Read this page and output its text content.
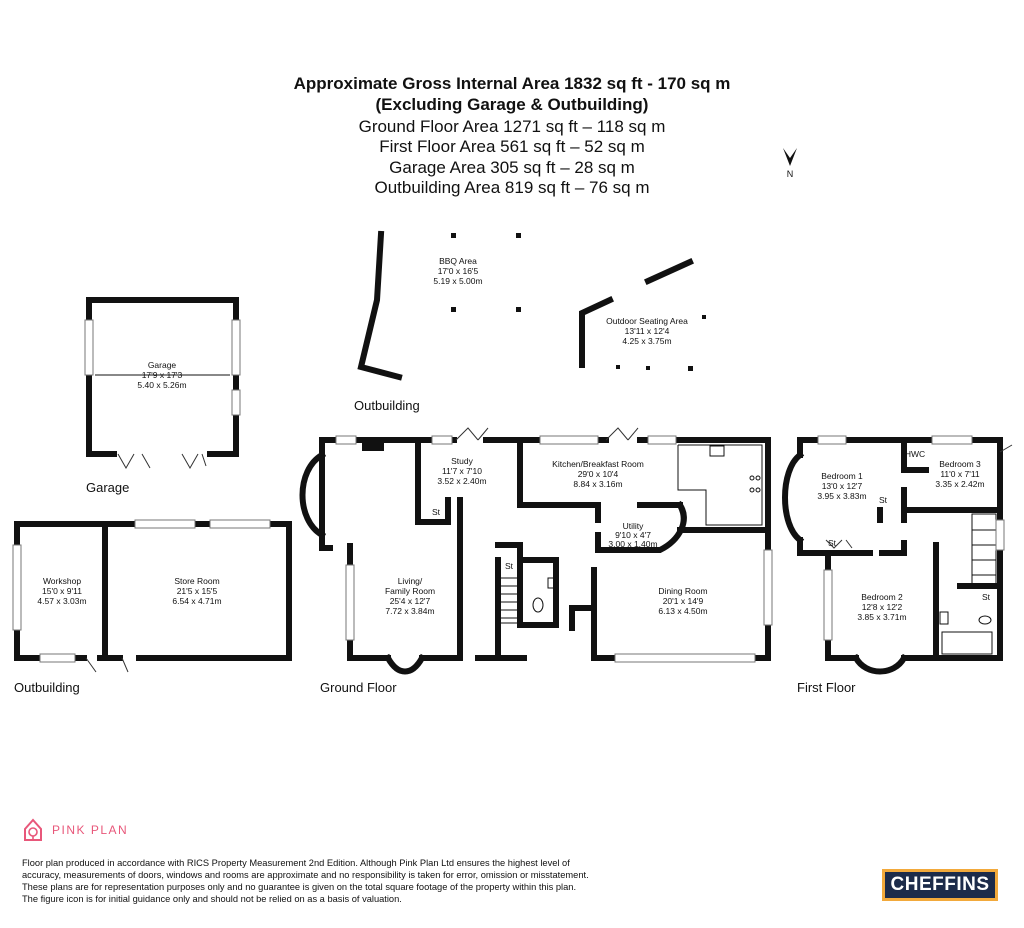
Approximate Gross Internal Area 1832 sq ft - 170 sq m
(Excluding Garage & Outbuilding)
Ground Floor Area 1271 sq ft – 118 sq m
First Floor Area 561 sq ft – 52 sq m
Garage Area 305 sq ft – 28 sq m
Outbuilding Area 819 sq ft – 76 sq m
N
BBQ Area
17'0 x 16'5
5.19 x 5.00m
Outdoor Seating Area
13'11 x 12'4
4.25 x 3.75m
Outbuilding
Garage
17'9 x 17'3
5.40 x 5.26m
Garage
Workshop
15'0 x 9'11
4.57 x 3.03m
Store Room
21'5 x 15'5
6.54 x 4.71m
Outbuilding
Study
11'7 x 7'10
3.52 x 2.40m
St
Kitchen/Breakfast Room
29'0 x 10'4
8.84 x 3.16m
Utility
9'10 x 4'7
3.00 x 1.40m
Living/
Family Room
25'4 x 12'7
7.72 x 3.84m
St
Dining Room
20'1 x 14'9
6.13 x 4.50m
Ground Floor
St
St
St
HWC
Bedroom 1
13'0 x 12'7
3.95 x 3.83m
Bedroom 3
11'0 x 7'11
3.35 x 2.42m
Bedroom 2
12'8 x 12'2
3.85 x 3.71m
First Floor
PINK PLAN
Floor plan produced in accordance with RICS Property Measurement 2nd Edition. Although Pink Plan Ltd ensures the highest level of accuracy, measurements of doors, windows and rooms are approximate and no responsibility is taken for error, omission or misstatement. These plans are for representation purposes only and no guarantee is given on the total square footage of the property within this plan. The figure icon is for initial guidance only and should not be relied on as a basis of valuation.
CHEFFINS
